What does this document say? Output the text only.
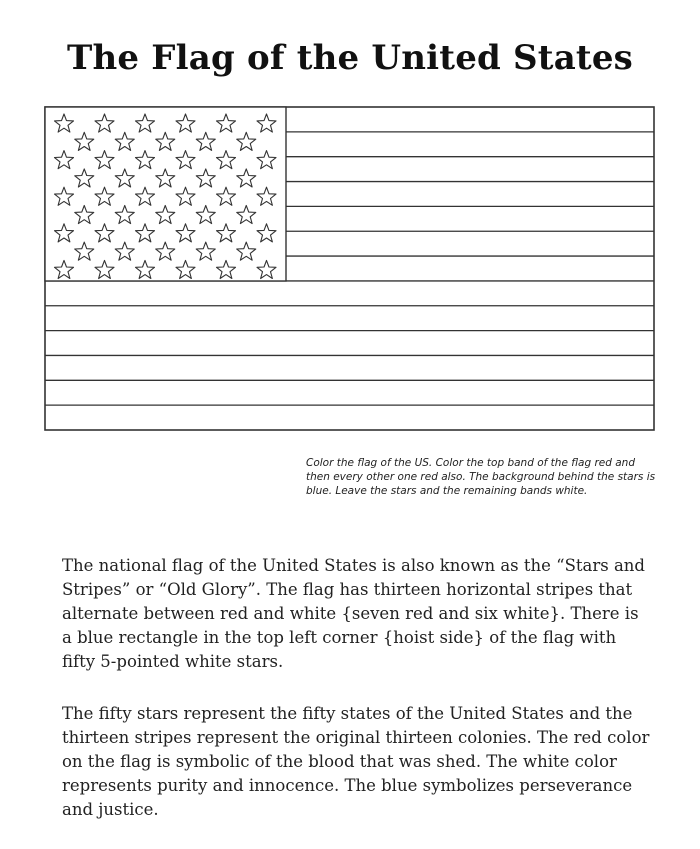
The Flag of the United States

Color the flag of the US. Color the top band of the flag red and then every other one red also. The background behind the stars is blue. Leave the stars and the remaining bands white.

The national flag of the United States is also known as the “Stars and Stripes” or “Old Glory”. The flag has thirteen horizontal stripes that alternate between red and white {seven red and six white}. There is a blue rectangle in the top left corner {hoist side} of the flag with fifty 5-pointed white stars.

The fifty stars represent the fifty states of the United States and the thirteen stripes represent the original thirteen colonies. The red color on the flag is symbolic of the blood that was shed. The white color represents purity and innocence. The blue symbolizes perseverance and justice.
